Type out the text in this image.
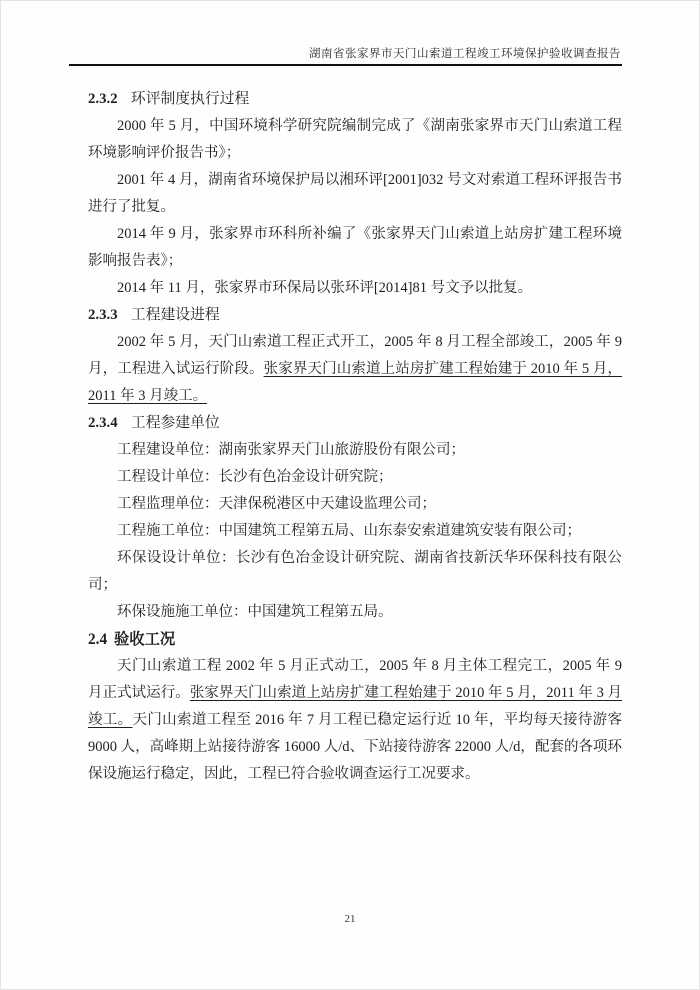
湖南省张家界市天门山索道工程竣工环境保护验收调查报告
2.3.2 环评制度执行过程

2000 年 5 月，中国环境科学研究院编制完成了《湖南张家界市天门山索道工程环境影响评价报告书》；

2001 年 4 月，湖南省环境保护局以湘环评[2001]032 号文对索道工程环评报告书进行了批复。

2014 年 9 月，张家界市环科所补编了《张家界天门山索道上站房扩建工程环境影响报告表》；

2014 年 11 月，张家界市环保局以张环评[2014]81 号文予以批复。

2.3.3 工程建设进程

2002 年 5 月，天门山索道工程正式开工，2005 年 8 月工程全部竣工，2005 年 9 月，工程进入试运行阶段。张家界天门山索道上站房扩建工程始建于 2010 年 5 月，2011 年 3 月竣工。

2.3.4 工程参建单位

工程建设单位：湖南张家界天门山旅游股份有限公司；

工程设计单位：长沙有色冶金设计研究院；

工程监理单位：天津保税港区中天建设监理公司；

工程施工单位：中国建筑工程第五局、山东泰安索道建筑安装有限公司；

环保设设计单位：长沙有色冶金设计研究院、湖南省技新沃华环保科技有限公司；

环保设施施工单位：中国建筑工程第五局。

2.4 验收工况

天门山索道工程 2002 年 5 月正式动工，2005 年 8 月主体工程完工，2005 年 9 月正式试运行。张家界天门山索道上站房扩建工程始建于 2010 年 5 月，2011 年 3 月竣工。天门山索道工程至 2016 年 7 月工程已稳定运行近 10 年，平均每天接待游客 9000 人，高峰期上站接待游客 16000 人/d、下站接待游客 22000 人/d，配套的各项环保设施运行稳定，因此，工程已符合验收调查运行工况要求。

21
